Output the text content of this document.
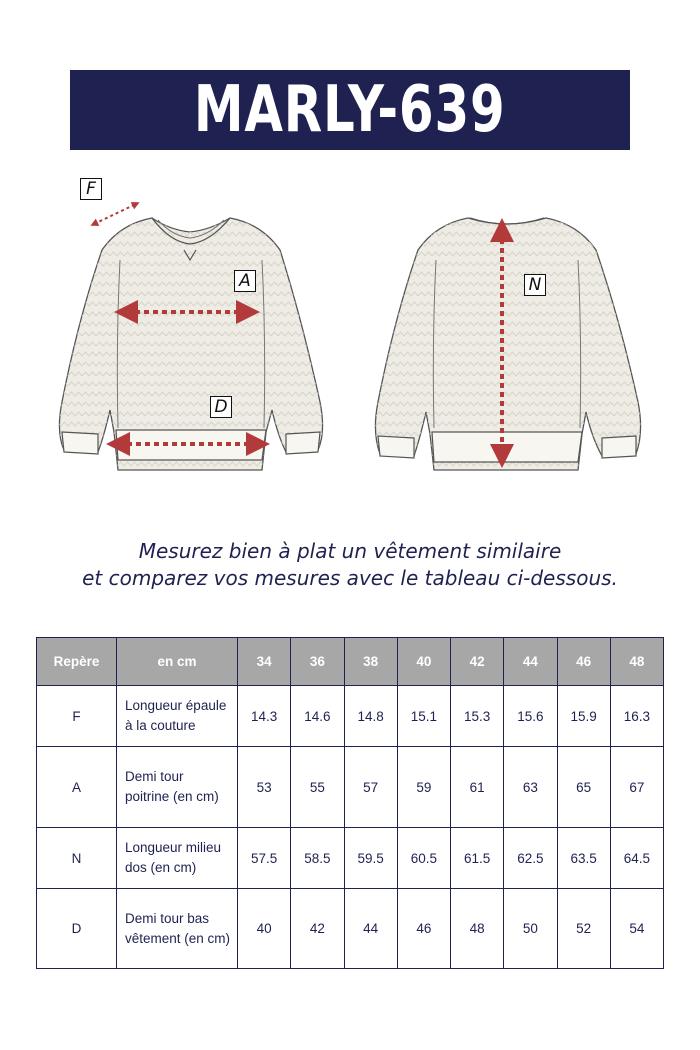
MARLY-639
F
A
D
N
Mesurez bien à plat un vêtement similaire
et comparez vos mesures avec le tableau ci-dessous.
Repère	en cm	34	36	38	40	42	44	46	48
F	Longueur épaule à la couture	14.3	14.6	14.8	15.1	15.3	15.6	15.9	16.3
A	Demi tour poitrine (en cm)	53	55	57	59	61	63	65	67
N	Longueur milieu dos (en cm)	57.5	58.5	59.5	60.5	61.5	62.5	63.5	64.5
D	Demi tour bas vêtement (en cm)	40	42	44	46	48	50	52	54
